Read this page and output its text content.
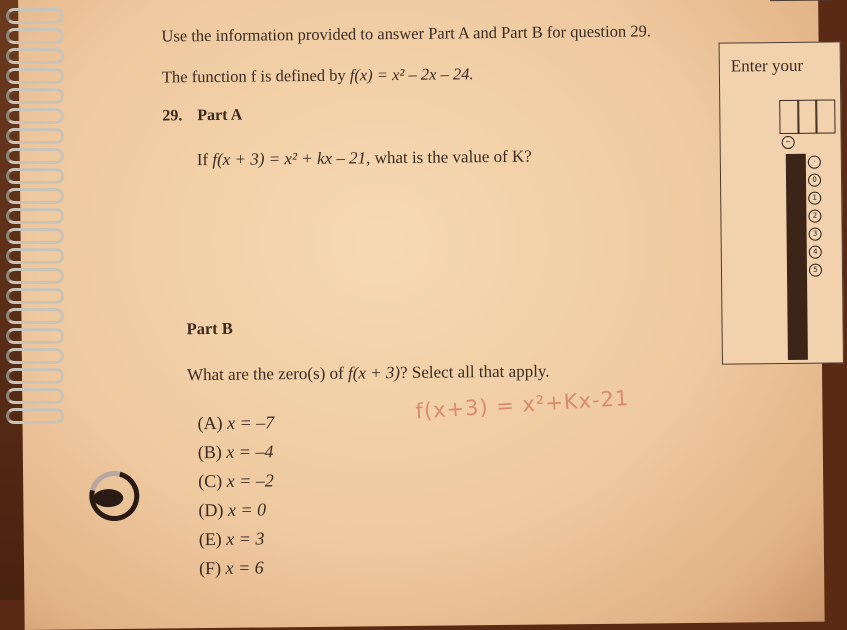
Use the information provided to answer Part A and Part B for question 29.
The function f is defined by f(x) = x² – 2x – 24.
29. Part A
If f(x + 3) = x² + kx – 21, what is the value of K?
Part B
What are the zero(s) of f(x + 3)? Select all that apply.
f(x+3) = x²+Kx-21
(A) x = –7
(B) x = –4
(C) x = –2
(D) x = 0
(E) x = 3
(F) x = 6
Enter your
−
·
0
1
2
3
4
5
